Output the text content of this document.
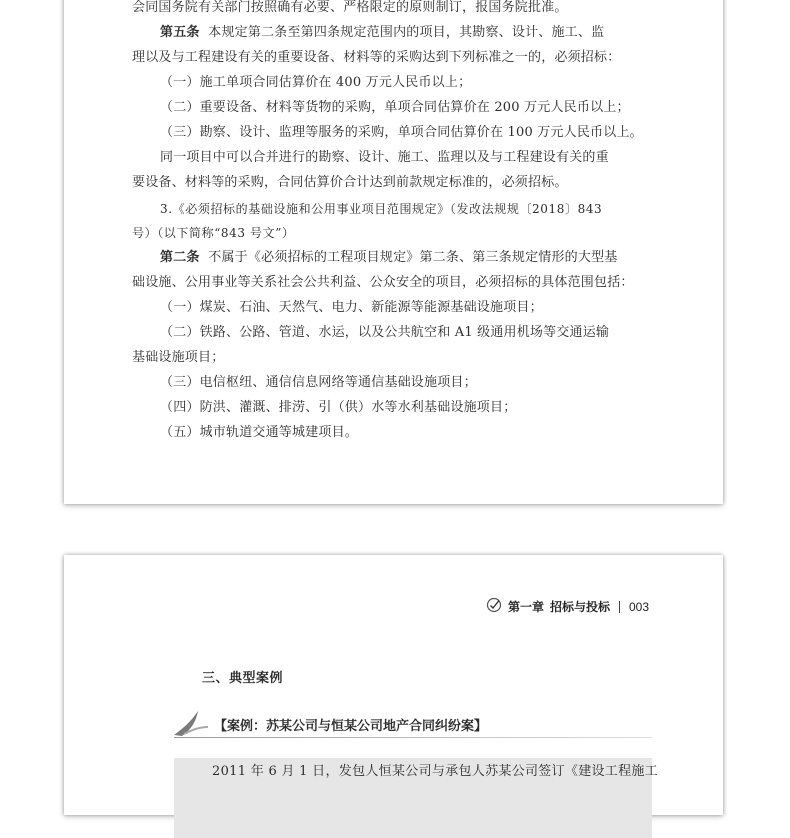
会同国务院有关部门按照确有必要、严格限定的原则制订，报国务院批准。
第五条 本规定第二条至第四条规定范围内的项目，其勘察、设计、施工、监
理以及与工程建设有关的重要设备、材料等的采购达到下列标准之一的，必须招标：
（一）施工单项合同估算价在 400 万元人民币以上；
（二）重要设备、材料等货物的采购，单项合同估算价在 200 万元人民币以上；
（三）勘察、设计、监理等服务的采购，单项合同估算价在 100 万元人民币以上。
同一项目中可以合并进行的勘察、设计、施工、监理以及与工程建设有关的重
要设备、材料等的采购，合同估算价合计达到前款规定标准的，必须招标。
3.《必须招标的基础设施和公用事业项目范围规定》（发改法规规〔2018〕843
号）（以下简称“843 号文”）
第二条 不属于《必须招标的工程项目规定》第二条、第三条规定情形的大型基
础设施、公用事业等关系社会公共利益、公众安全的项目，必须招标的具体范围包括：
（一）煤炭、石油、天然气、电力、新能源等能源基础设施项目；
（二）铁路、公路、管道、水运，以及公共航空和 A1 级通用机场等交通运输
基础设施项目；
（三）电信枢纽、通信信息网络等通信基础设施项目；
（四）防洪、灌溉、排涝、引（供）水等水利基础设施项目；
（五）城市轨道交通等城建项目。
第一章 招标与投标 003
三、典型案例
【案例：苏某公司与恒某公司地产合同纠纷案】
2011 年 6 月 1 日，发包人恒某公司与承包人苏某公司签订《建设工程施工
